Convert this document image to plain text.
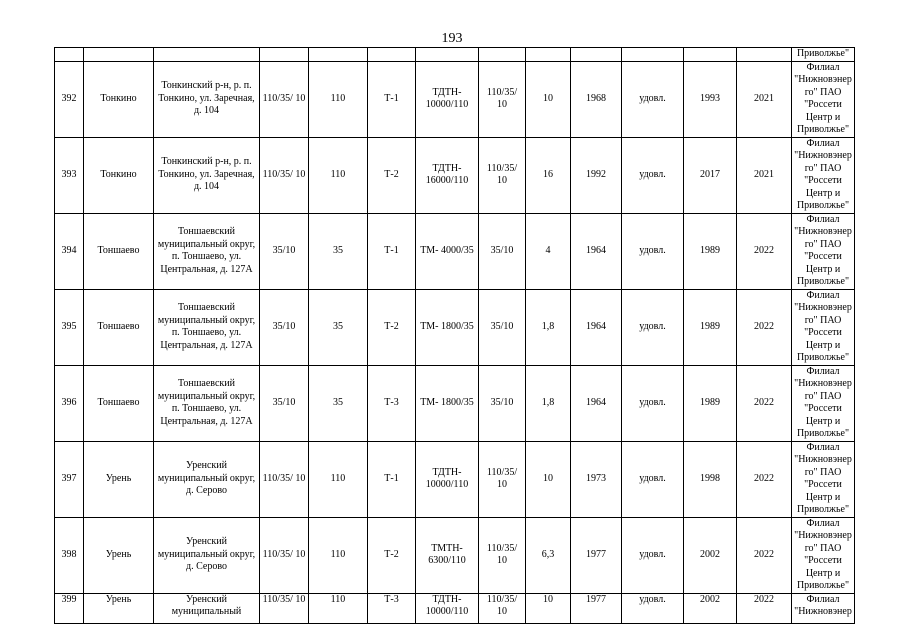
193
													Приволжье"
392	Тонкино	Тонкинский р-н, р. п. Тонкино, ул. Заречная, д. 104	110/35/ 10	110	Т-1	ТДТН- 10000/110	110/35/ 10	10	1968	удовл.	1993	2021	Филиал "Нижновэнер го" ПАО "Россети Центр и Приволжье"
393	Тонкино	Тонкинский р-н, р. п. Тонкино, ул. Заречная, д. 104	110/35/ 10	110	Т-2	ТДТН- 16000/110	110/35/ 10	16	1992	удовл.	2017	2021	Филиал "Нижновэнер го" ПАО "Россети Центр и Приволжье"
394	Тоншаево	Тоншаевский муниципальный округ, п. Тоншаево, ул. Центральная, д. 127А	35/10	35	Т-1	ТМ- 4000/35	35/10	4	1964	удовл.	1989	2022	Филиал "Нижновэнер го" ПАО "Россети Центр и Приволжье"
395	Тоншаево	Тоншаевский муниципальный округ, п. Тоншаево, ул. Центральная, д. 127А	35/10	35	Т-2	ТМ- 1800/35	35/10	1,8	1964	удовл.	1989	2022	Филиал "Нижновэнер го" ПАО "Россети Центр и Приволжье"
396	Тоншаево	Тоншаевский муниципальный округ, п. Тоншаево, ул. Центральная, д. 127А	35/10	35	Т-3	ТМ- 1800/35	35/10	1,8	1964	удовл.	1989	2022	Филиал "Нижновэнер го" ПАО "Россети Центр и Приволжье"
397	Урень	Уренский муниципальный округ, д. Серово	110/35/ 10	110	Т-1	ТДТН- 10000/110	110/35/ 10	10	1973	удовл.	1998	2022	Филиал "Нижновэнер го" ПАО "Россети Центр и Приволжье"
398	Урень	Уренский муниципальный округ, д. Серово	110/35/ 10	110	Т-2	ТМТН- 6300/110	110/35/ 10	6,3	1977	удовл.	2002	2022	Филиал "Нижновэнер го" ПАО "Россети Центр и Приволжье"
399	Урень	Уренский муниципальный	110/35/ 10	110	Т-3	ТДТН- 10000/110	110/35/ 10	10	1977	удовл.	2002	2022	Филиал "Нижновэнер
